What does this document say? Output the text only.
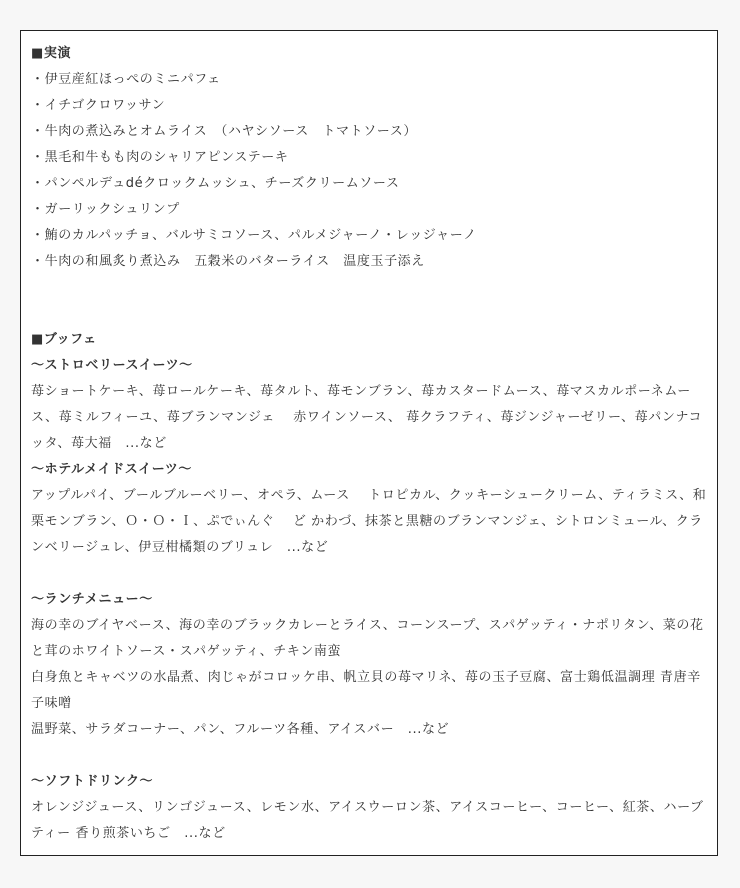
■実演
・伊豆産紅ほっぺのミニパフェ
・イチゴクロワッサン
・牛肉の煮込みとオムライス　（ハヤシソース　トマトソース）
・黒毛和牛もも肉のシャリアピンステーキ
・パンペルデュdéクロックムッシュ、チーズクリームソース
・ガーリックシュリンプ
・鮪のカルパッチョ、バルサミコソース、パルメジャーノ・レッジャーノ
・牛肉の和風炙り煮込み　五穀米のバターライス　温度玉子添え
■ブッフェ
～ストロベリースイーツ～
苺ショートケーキ、苺ロールケーキ、苺タルト、苺モンブラン、苺カスタードムース、苺マスカルポーネムース、苺ミルフィーユ、苺ブランマンジェ　 赤ワインソース、 苺クラフティ、苺ジンジャーゼリー、苺パンナコッタ、苺大福　...など
～ホテルメイドスイーツ～
アップルパイ、ブールブルーベリー、オペラ、ムース　 トロピカル、クッキーシュークリーム、ティラミス、和栗モンブラン、Ｏ・Ｏ・Ｉ、ぷでぃんぐ　 ど かわづ、抹茶と黒糖のブランマンジェ、シトロンミュール、クランベリージュレ、伊豆柑橘類のブリュレ　...など
～ランチメニュー～
海の幸のブイヤベース、海の幸のブラックカレーとライス、コーンスープ、スパゲッティ・ナポリタン、菜の花と茸のホワイトソース・スパゲッティ、チキン南蛮
白身魚とキャベツの水晶煮、肉じゃがコロッケ串、帆立貝の苺マリネ、苺の玉子豆腐、富士鶏低温調理 青唐辛子味噌
温野菜、サラダコーナー、パン、フルーツ各種、アイスバー　...など
～ソフトドリンク～
オレンジジュース、リンゴジュース、レモン水、アイスウーロン茶、アイスコーヒー、コーヒー、紅茶、ハーブティー 香り煎茶いちご　...など
